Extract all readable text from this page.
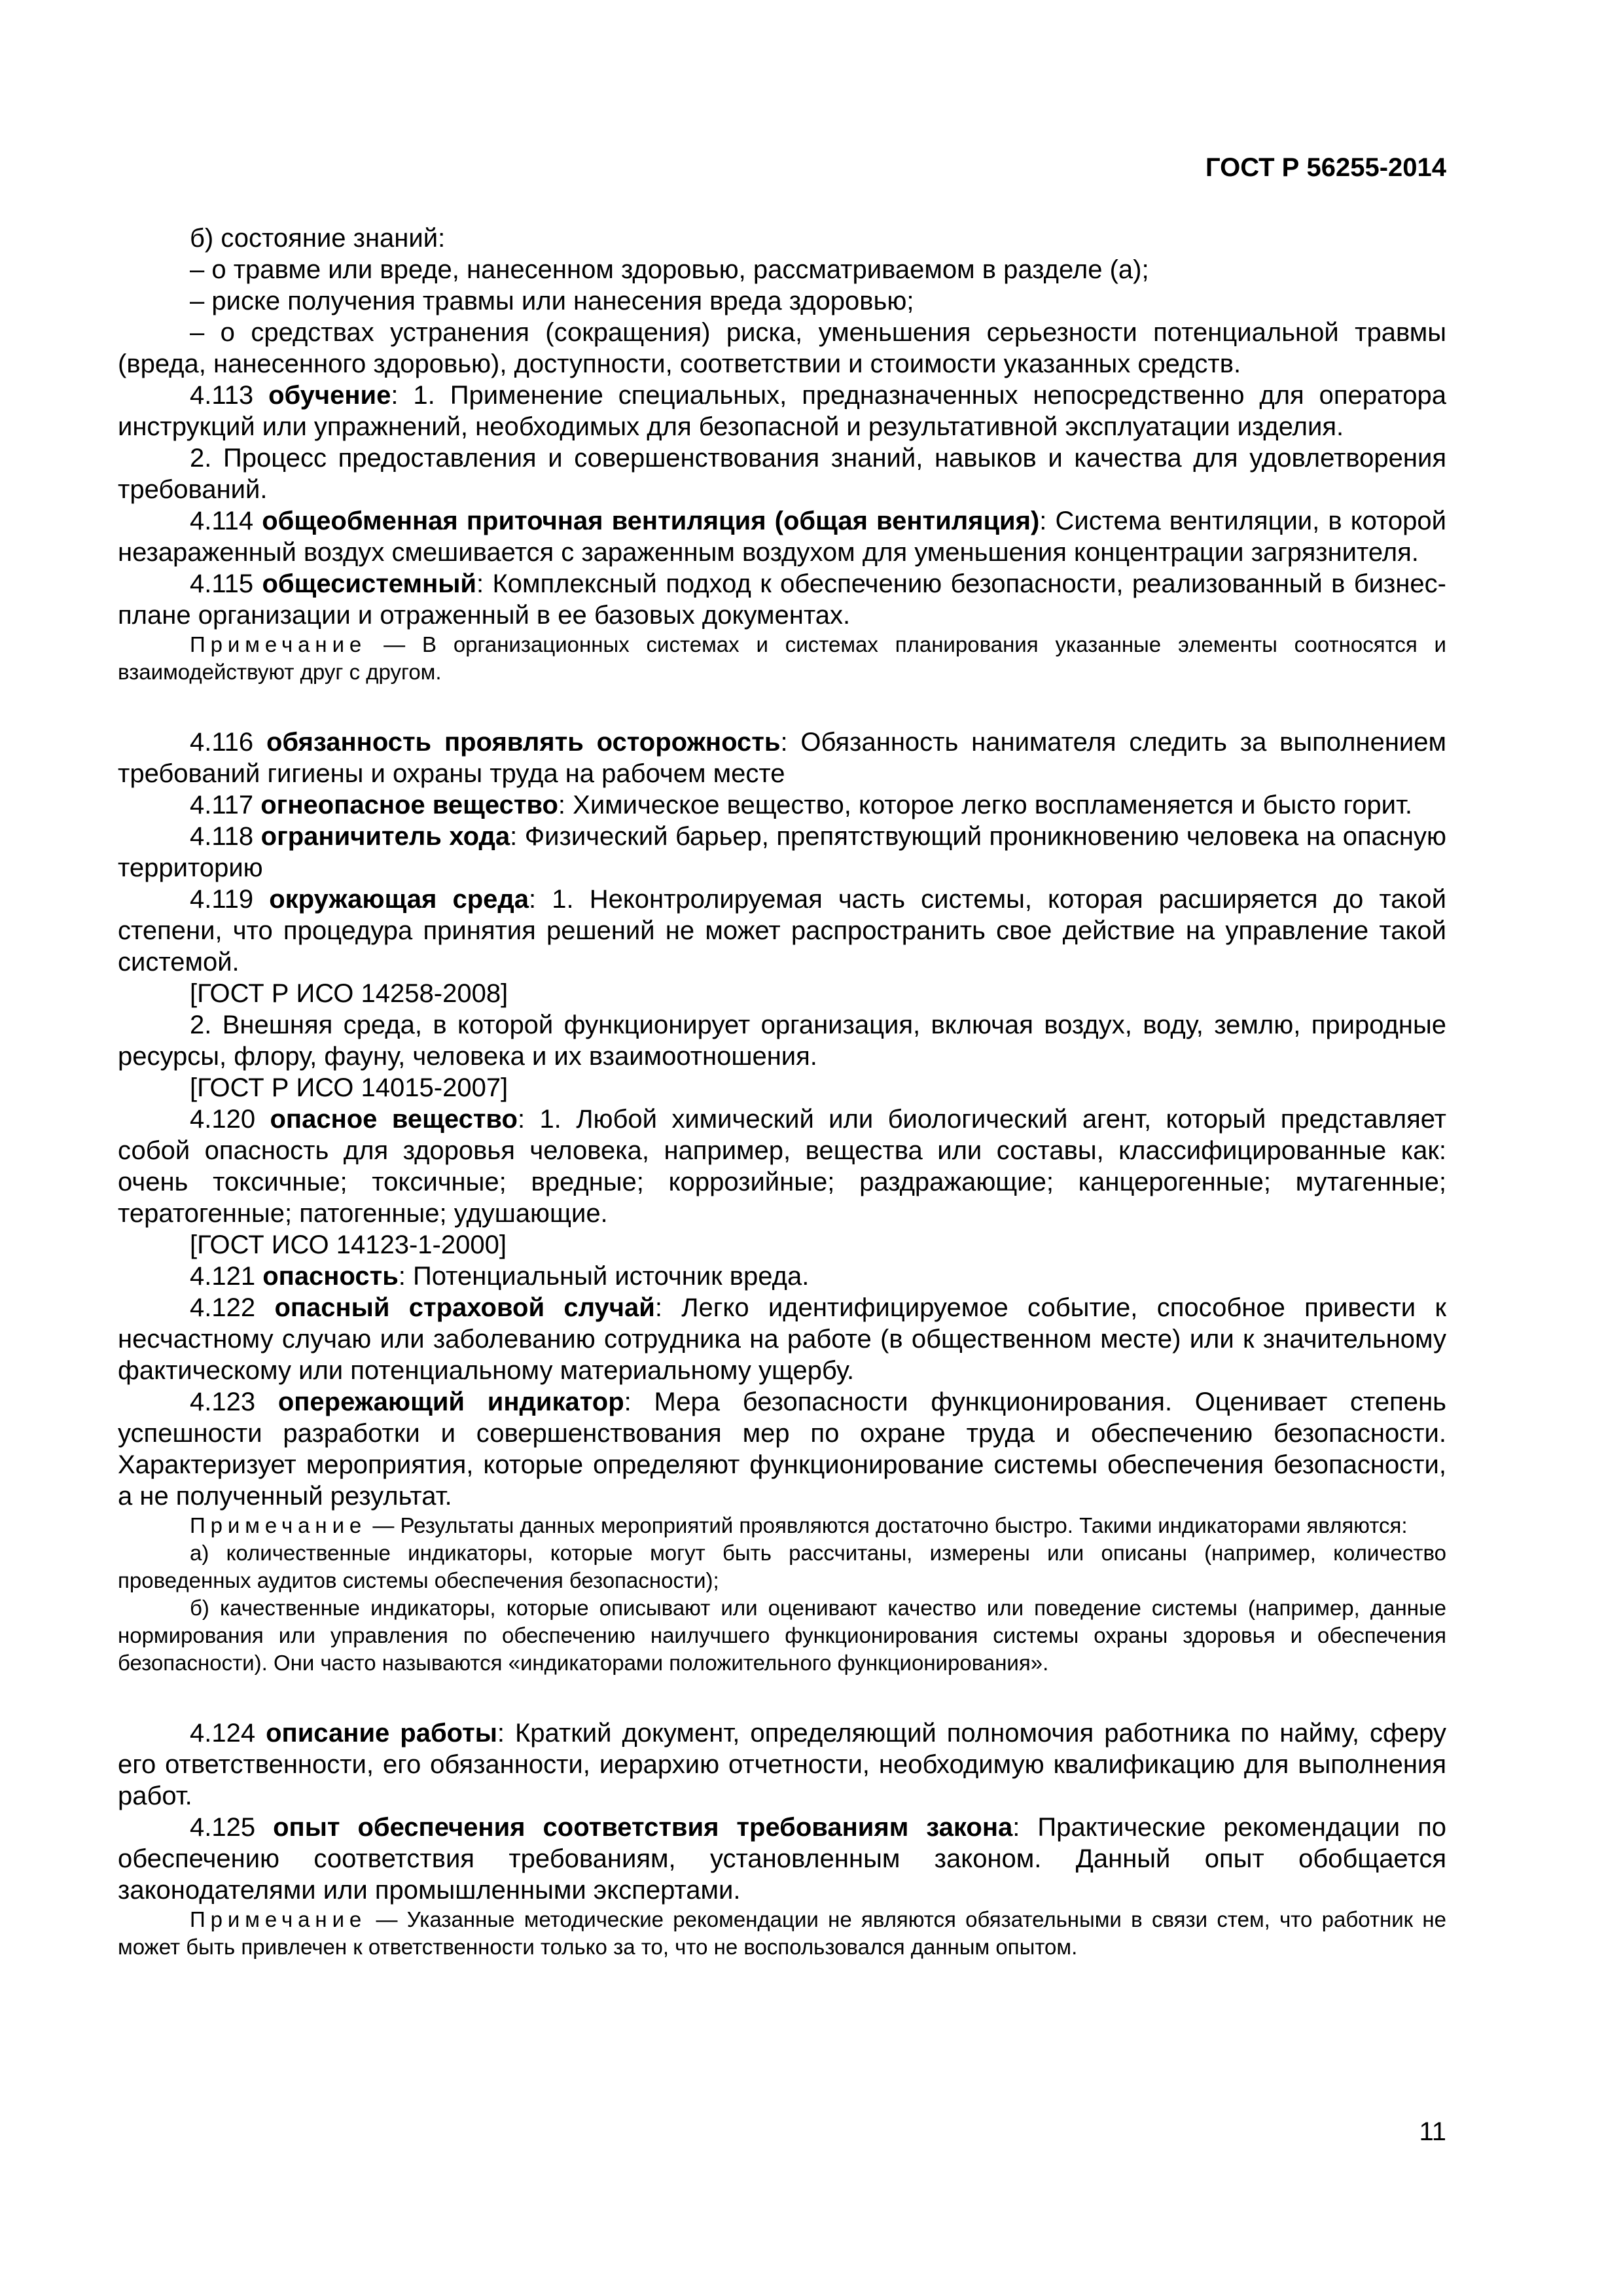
ГОСТ Р 56255-2014

б) состояние знаний:

– о травме или вреде, нанесенном здоровью, рассматриваемом в разделе (а);

– риске получения травмы или нанесения вреда здоровью;

– о средствах устранения (сокращения) риска, уменьшения серьезности потенциальной травмы (вреда, нанесенного здоровью), доступности, соответствии и стоимости указанных средств.

4.113 обучение: 1. Применение специальных, предназначенных непосредственно для оператора инструкций или упражнений, необходимых для безопасной и результативной эксплуатации изделия.

2. Процесс предоставления и совершенствования знаний, навыков и качества для удовлетворения требований.

4.114 общеобменная приточная вентиляция (общая вентиляция): Система вентиляции, в которой незараженный воздух смешивается с зараженным воздухом для уменьшения концентрации загрязнителя.

4.115 общесистемный: Комплексный подход к обеспечению безопасности, реализованный в бизнес-плане организации и отраженный в ее базовых документах.

Примечание — В организационных системах и системах планирования указанные элементы соотносятся и взаимодействуют друг с другом.

4.116 обязанность проявлять осторожность: Обязанность нанимателя следить за выполнением требований гигиены и охраны труда на рабочем месте

4.117 огнеопасное вещество: Химическое вещество, которое легко воспламеняется и бысто горит.

4.118 ограничитель хода: Физический барьер, препятствующий проникновению человека на опасную территорию

4.119 окружающая среда: 1. Неконтролируемая часть системы, которая расширяется до такой степени, что процедура принятия решений не может распространить свое действие на управление такой системой.

[ГОСТ Р ИСО 14258-2008]

2. Внешняя среда, в которой функционирует организация, включая воздух, воду, землю, природные ресурсы, флору, фауну, человека и их взаимоотношения.

[ГОСТ Р ИСО 14015-2007]

4.120 опасное вещество: 1. Любой химический или биологический агент, который представляет собой опасность для здоровья человека, например, вещества или составы, классифицированные как: очень токсичные; токсичные; вредные; коррозийные; раздражающие; канцерогенные; мутагенные; тератогенные; патогенные; удушающие.

[ГОСТ ИСО 14123-1-2000]

4.121 опасность: Потенциальный источник вреда.

4.122 опасный страховой случай: Легко идентифицируемое событие, способное привести к несчастному случаю или заболеванию сотрудника на работе (в общественном месте) или к значительному фактическому или потенциальному материальному ущербу.

4.123 опережающий индикатор: Мера безопасности функционирования. Оценивает степень успешности разработки и совершенствования мер по охране труда и обеспечению безопасности. Характеризует мероприятия, которые определяют функционирование системы обеспечения безопасности, а не полученный результат.

Примечание — Результаты данных мероприятий проявляются достаточно быстро. Такими индикаторами являются:

а) количественные индикаторы, которые могут быть рассчитаны, измерены или описаны (например, количество проведенных аудитов системы обеспечения безопасности);

б) качественные индикаторы, которые описывают или оценивают качество или поведение системы (например, данные нормирования или управления по обеспечению наилучшего функционирования системы охраны здоровья и обеспечения безопасности). Они часто называются «индикаторами положительного функционирования».

4.124 описание работы: Краткий документ, определяющий полномочия работника по найму, сферу его ответственности, его обязанности, иерархию отчетности, необходимую квалификацию для выполнения работ.

4.125 опыт обеспечения соответствия требованиям закона: Практические рекомендации по обеспечению соответствия требованиям, установленным законом. Данный опыт обобщается законодателями или промышленными экспертами.

Примечание — Указанные методические рекомендации не являются обязательными в связи стем, что работник не может быть привлечен к ответственности только за то, что не воспользовался данным опытом.

11
